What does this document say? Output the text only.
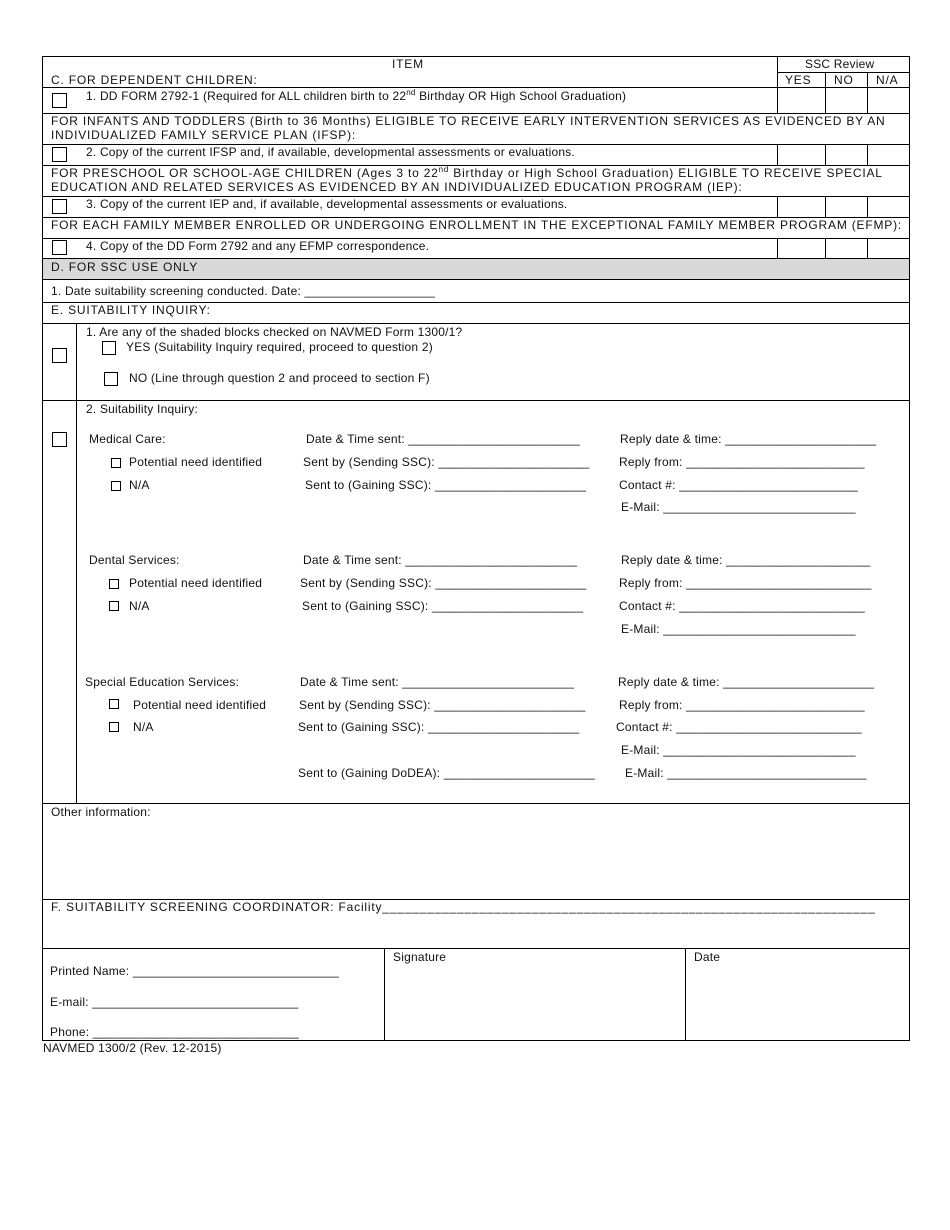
ITEM	SSC Review
YES NO N/A
C. FOR DEPENDENT CHILDREN:
1. DD FORM 2792-1 (Required for ALL children birth to 22nd Birthday OR High School Graduation)
FOR INFANTS AND TODDLERS (Birth to 36 Months) ELIGIBLE TO RECEIVE EARLY INTERVENTION SERVICES AS EVIDENCED BY AN
INDIVIDUALIZED FAMILY SERVICE PLAN (IFSP):
2. Copy of the current IFSP and, if available, developmental assessments or evaluations.
FOR PRESCHOOL OR SCHOOL-AGE CHILDREN (Ages 3 to 22nd Birthday or High School Graduation) ELIGIBLE TO RECEIVE SPECIAL
EDUCATION AND RELATED SERVICES AS EVIDENCED BY AN INDIVIDUALIZED EDUCATION PROGRAM (IEP):
3. Copy of the current IEP and, if available, developmental assessments or evaluations.
FOR EACH FAMILY MEMBER ENROLLED OR UNDERGOING ENROLLMENT IN THE EXCEPTIONAL FAMILY MEMBER PROGRAM (EFMP):
4. Copy of the DD Form 2792 and any EFMP correspondence.
D. FOR SSC USE ONLY
1. Date suitability screening conducted. Date: ___________________
E. SUITABILITY INQUIRY:
1. Are any of the shaded blocks checked on NAVMED Form 1300/1?
YES (Suitability Inquiry required, proceed to question 2)
NO (Line through question 2 and proceed to section F)
2. Suitability Inquiry:
Medical Care:
Potential need identified
N/A
Date & Time sent: _________________________
Sent by (Sending SSC): ______________________
Sent to (Gaining SSC): ______________________
Reply date & time: ______________________
Reply from: __________________________
Contact #: __________________________
E-Mail: ____________________________
Dental Services:
Potential need identified
N/A
Date & Time sent: _________________________
Sent by (Sending SSC): ______________________
Sent to (Gaining SSC): ______________________
Reply date & time: _____________________
Reply from: ___________________________
Contact #: ___________________________
E-Mail: ____________________________
Special Education Services:
Potential need identified
N/A
Date & Time sent: _________________________
Sent by (Sending SSC): ______________________
Sent to (Gaining SSC): ______________________
Sent to (Gaining DoDEA): ______________________
Reply date & time: ______________________
Reply from: __________________________
Contact #: ___________________________
E-Mail: ____________________________
E-Mail: _____________________________
Other information:
F. SUITABILITY SCREENING COORDINATOR: Facility__________________________________________________________________
Printed Name: ______________________________
E-mail: ______________________________
Phone: ______________________________
Signature	Date
NAVMED 1300/2 (Rev. 12-2015)
